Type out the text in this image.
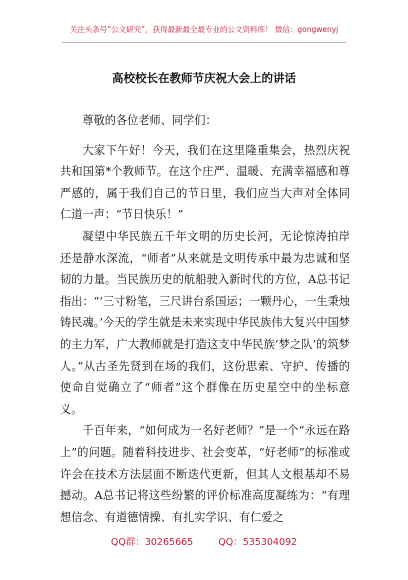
关注头条号“公文研究”，获得最新最全最专业的公文资料库！ 微信：gongwenyj
高校校长在教师节庆祝大会上的讲话

尊敬的各位老师、同学们：

大家下午好！今天，我们在这里隆重集会，热烈庆祝共和国第*个教师节。在这个庄严、温暖、充满幸福感和尊严感的，属于我们自己的节日里，我们应当大声对全体同仁道一声：“节日快乐！”

凝望中华民族五千年文明的历史长河，无论惊涛拍岸还是静水深流，“师者”从来就是文明传承中最为忠诚和坚韧的力量。当民族历史的航船驶入新时代的方位，A总书记指出：“‘三寸粉笔，三尺讲台系国运；一颗丹心，一生秉烛铸民魂。’今天的学生就是未来实现中华民族伟大复兴中国梦的主力军，广大教师就是打造这支中华民族‘梦之队’的筑梦人。”从古圣先贤到在场的我们，这份思索、守护、传播的使命自觉确立了“师者”这个群像在历史星空中的坐标意义。

千百年来，“如何成为一名好老师？”是一个“永远在路上”的问题。随着科技进步、社会变革，“好老师”的标准或许会在技术方法层面不断迭代更新，但其人文根基却不易撼动。A总书记将这些纷繁的评价标准高度凝练为：“有理想信念、有道德情操、有扎实学识、有仁爱之

QQ群：30265665	QQ：535304092
